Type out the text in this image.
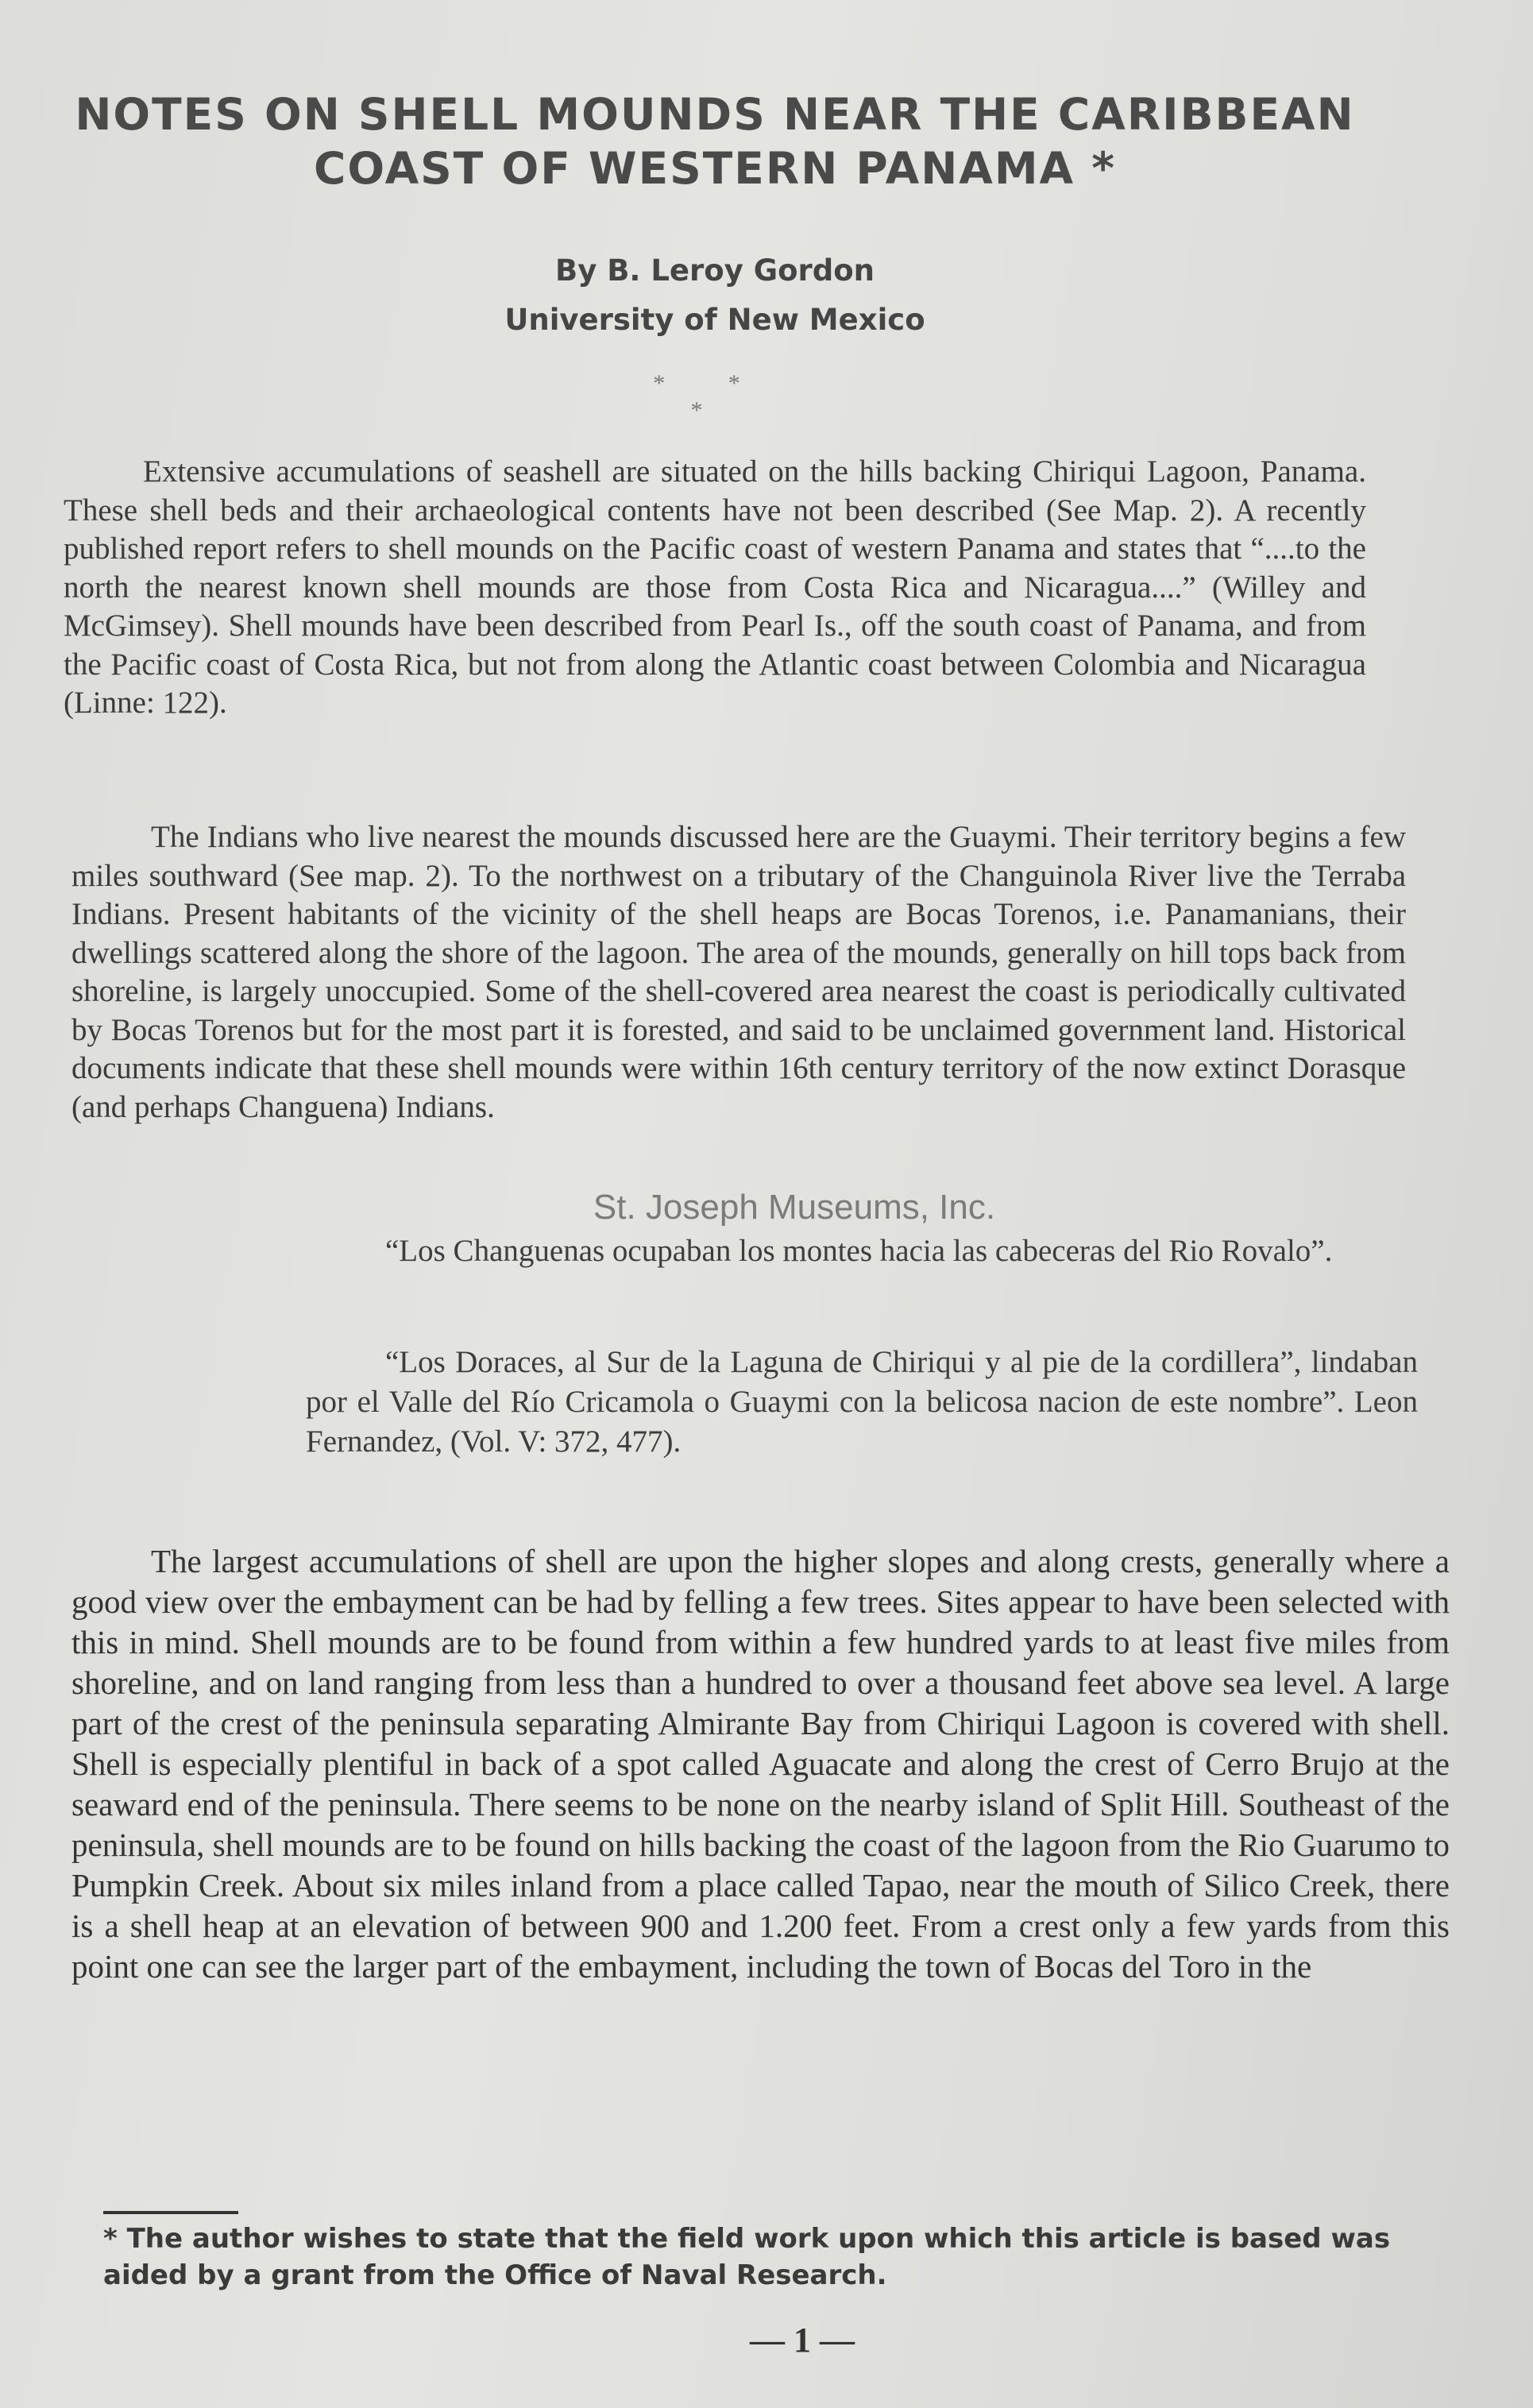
NOTES ON SHELL MOUNDS NEAR THE CARIBBEAN COAST OF WESTERN PANAMA *
By B. Leroy Gordon
University of New Mexico
* * *

Extensive accumulations of seashell are situated on the hills backing Chiriqui Lagoon, Panama. These shell beds and their archaeological contents have not been described (See Map. 2). A recently published report refers to shell mounds on the Pacific coast of western Panama and states that “....to the north the nearest known shell mounds are those from Costa Rica and Nicaragua....” (Willey and McGimsey). Shell mounds have been described from Pearl Is., off the south coast of Panama, and from the Pacific coast of Costa Rica, but not from along the Atlantic coast between Colombia and Nicaragua (Linne: 122).

The Indians who live nearest the mounds discussed here are the Guaymi. Their territory begins a few miles southward (See map. 2). To the northwest on a tributary of the Changuinola River live the Terraba Indians. Present habitants of the vicinity of the shell heaps are Bocas Torenos, i.e. Panamanians, their dwellings scattered along the shore of the lagoon. The area of the mounds, generally on hill tops back from shoreline, is largely unoccupied. Some of the shell-covered area nearest the coast is periodically cultivated by Bocas Torenos but for the most part it is forested, and said to be unclaimed government land. Historical documents indicate that these shell mounds were within 16th century territory of the now extinct Dorasque (and perhaps Changuena) Indians.

St. Joseph Museums, Inc.

“Los Changuenas ocupaban los montes hacia las cabeceras del Rio Rovalo”.

“Los Doraces, al Sur de la Laguna de Chiriqui y al pie de la cordillera”, lindaban por el Valle del Río Cricamola o Guaymi con la belicosa nacion de este nombre”. Leon Fernandez, (Vol. V: 372, 477).

The largest accumulations of shell are upon the higher slopes and along crests, generally where a good view over the embayment can be had by felling a few trees. Sites appear to have been selected with this in mind. Shell mounds are to be found from within a few hundred yards to at least five miles from shoreline, and on land ranging from less than a hundred to over a thousand feet above sea level. A large part of the crest of the peninsula separating Almirante Bay from Chiriqui Lagoon is covered with shell. Shell is especially plentiful in back of a spot called Aguacate and along the crest of Cerro Brujo at the seaward end of the peninsula. There seems to be none on the nearby island of Split Hill. Southeast of the peninsula, shell mounds are to be found on hills backing the coast of the lagoon from the Rio Guarumo to Pumpkin Creek. About six miles inland from a place called Tapao, near the mouth of Silico Creek, there is a shell heap at an elevation of between 900 and 1.200 feet. From a crest only a few yards from this point one can see the larger part of the embayment, including the town of Bocas del Toro in the

* The author wishes to state that the field work upon which this article is based was aided by a grant from the Office of Naval Research.

— 1 —
